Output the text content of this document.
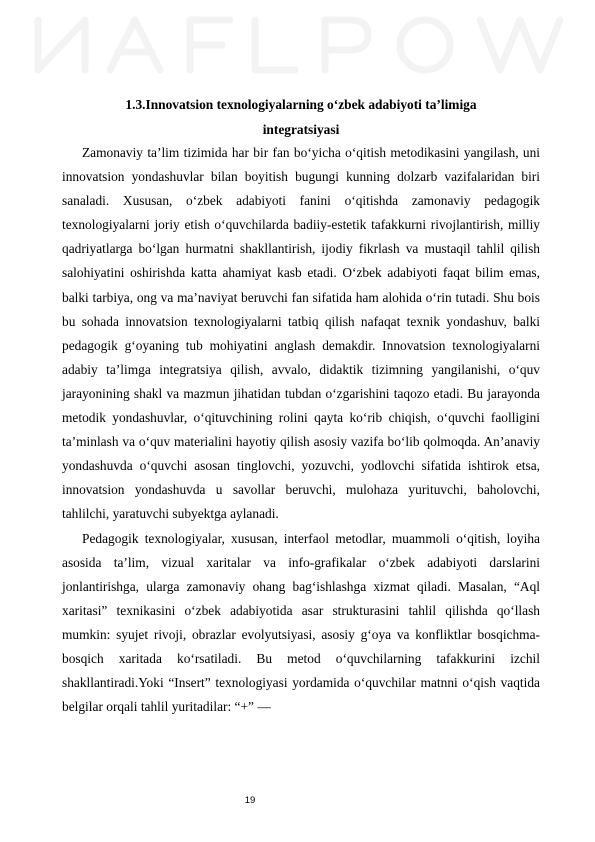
1.3.Innovatsion texnologiyalarning o‘zbek adabiyoti ta’limiga
integratsiyasi

Zamonaviy ta’lim tizimida har bir fan bo‘yicha o‘qitish metodikasini yangilash, uni innovatsion yondashuvlar bilan boyitish bugungi kunning dolzarb vazifalaridan biri sanaladi. Xususan, o‘zbek adabiyoti fanini o‘qitishda zamonaviy pedagogik texnologiyalarni joriy etish o‘quvchilarda badiiy-estetik tafakkurni rivojlantirish, milliy qadriyatlarga bo‘lgan hurmatni shakllantirish, ijodiy fikrlash va mustaqil tahlil qilish salohiyatini oshirishda katta ahamiyat kasb etadi. O‘zbek adabiyoti faqat bilim emas, balki tarbiya, ong va ma’naviyat beruvchi fan sifatida ham alohida o‘rin tutadi. Shu bois bu sohada innovatsion texnologiyalarni tatbiq qilish nafaqat texnik yondashuv, balki pedagogik g‘oyaning tub mohiyatini anglash demakdir. Innovatsion texnologiyalarni adabiy ta’limga integratsiya qilish, avvalo, didaktik tizimning yangilanishi, o‘quv jarayonining shakl va mazmun jihatidan tubdan o‘zgarishini taqozo etadi. Bu jarayonda metodik yondashuvlar, o‘qituvchining rolini qayta ko‘rib chiqish, o‘quvchi faolligini ta’minlash va o‘quv materialini hayotiy qilish asosiy vazifa bo‘lib qolmoqda. An’anaviy yondashuvda o‘quvchi asosan tinglovchi, yozuvchi, yodlovchi sifatida ishtirok etsa, innovatsion yondashuvda u savollar beruvchi, mulohaza yurituvchi, baholovchi, tahlilchi, yaratuvchi subyektga aylanadi.

Pedagogik texnologiyalar, xususan, interfaol metodlar, muammoli o‘qitish, loyiha asosida ta’lim, vizual xaritalar va info-grafikalar o‘zbek adabiyoti darslarini jonlantirishga, ularga zamonaviy ohang bag‘ishlashga xizmat qiladi. Masalan, “Aql xaritasi” texnikasini o‘zbek adabiyotida asar strukturasini tahlil qilishda qo‘llash mumkin: syujet rivoji, obrazlar evolyutsiyasi, asosiy g‘oya va konfliktlar bosqichma-bosqich xaritada ko‘rsatiladi. Bu metod o‘quvchilarning tafakkurini izchil shakllantiradi.Yoki “Insert” texnologiyasi yordamida o‘quvchilar matnni o‘qish vaqtida belgilar orqali tahlil yuritadilar: “+” —

19
